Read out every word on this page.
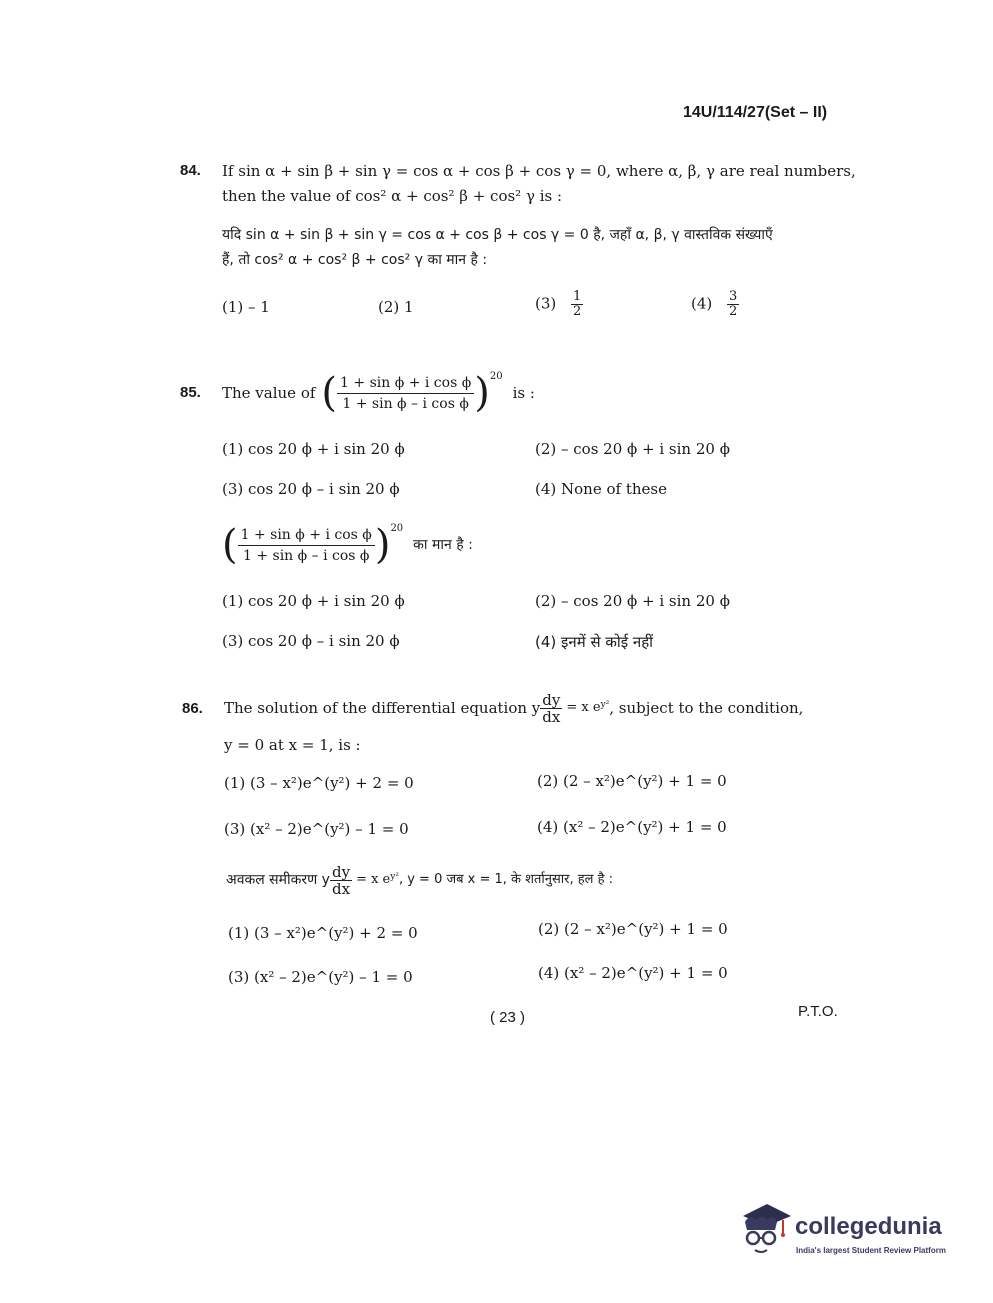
14U/114/27(Set – II)
84. If sin α + sin β + sin γ = cos α + cos β + cos γ = 0, where α, β, γ are real numbers,
then the value of cos² α + cos² β + cos² γ is :
यदि sin α + sin β + sin γ = cos α + cos β + cos γ = 0 है, जहाँ α, β, γ वास्तविक संख्याएँ
हैं, तो cos² α + cos² β + cos² γ का मान है :
(1) – 1	(2) 1	$(3) \frac{1}{2}$	$(4) \frac{3}{2}$
85. The value of ( $\frac{\text{1 + sin ϕ + i cos ϕ}}{\text{1 + sin ϕ – i cos ϕ}}$ ) 20
is :
(1) cos 20 ϕ + i sin 20 ϕ	(2) – cos 20 ϕ + i sin 20 ϕ
(3) cos 20 ϕ – i sin 20 ϕ	(4) None of these
( $\frac{\text{1 + sin ϕ + i cos ϕ}}{\text{1 + sin ϕ – i cos ϕ}}$ ) 20
का मान है :
(1) cos 20 ϕ + i sin 20 ϕ	(2) – cos 20 ϕ + i sin 20 ϕ
(3) cos 20 ϕ – i sin 20 ϕ	(4) इनमें से कोई नहीं
86. The solution of the differential equation y $\frac{dy}{dx} = x$ $e^{y^2}$ , subject to the condition,
y = 0 at x = 1, is :
(1) (3 – x²)e^(y²) + 2 = 0	(2) (2 – x²)e^(y²) + 1 = 0
(3) (x² – 2)e^(y²) – 1 = 0	(4) (x² – 2)e^(y²) + 1 = 0
अवकल समीकरण y $\frac{dy}{dx} = x$ $e^{y^2}$ , y = 0 जब x = 1, के शर्तानुसार, हल है :
(1) (3 – x²)e^(y²) + 2 = 0	(2) (2 – x²)e^(y²) + 1 = 0
(3) (x² – 2)e^(y²) – 1 = 0	(4) (x² – 2)e^(y²) + 1 = 0
( 23 )	P.T.O.
collegedunia
India's largest Student Review Platform
